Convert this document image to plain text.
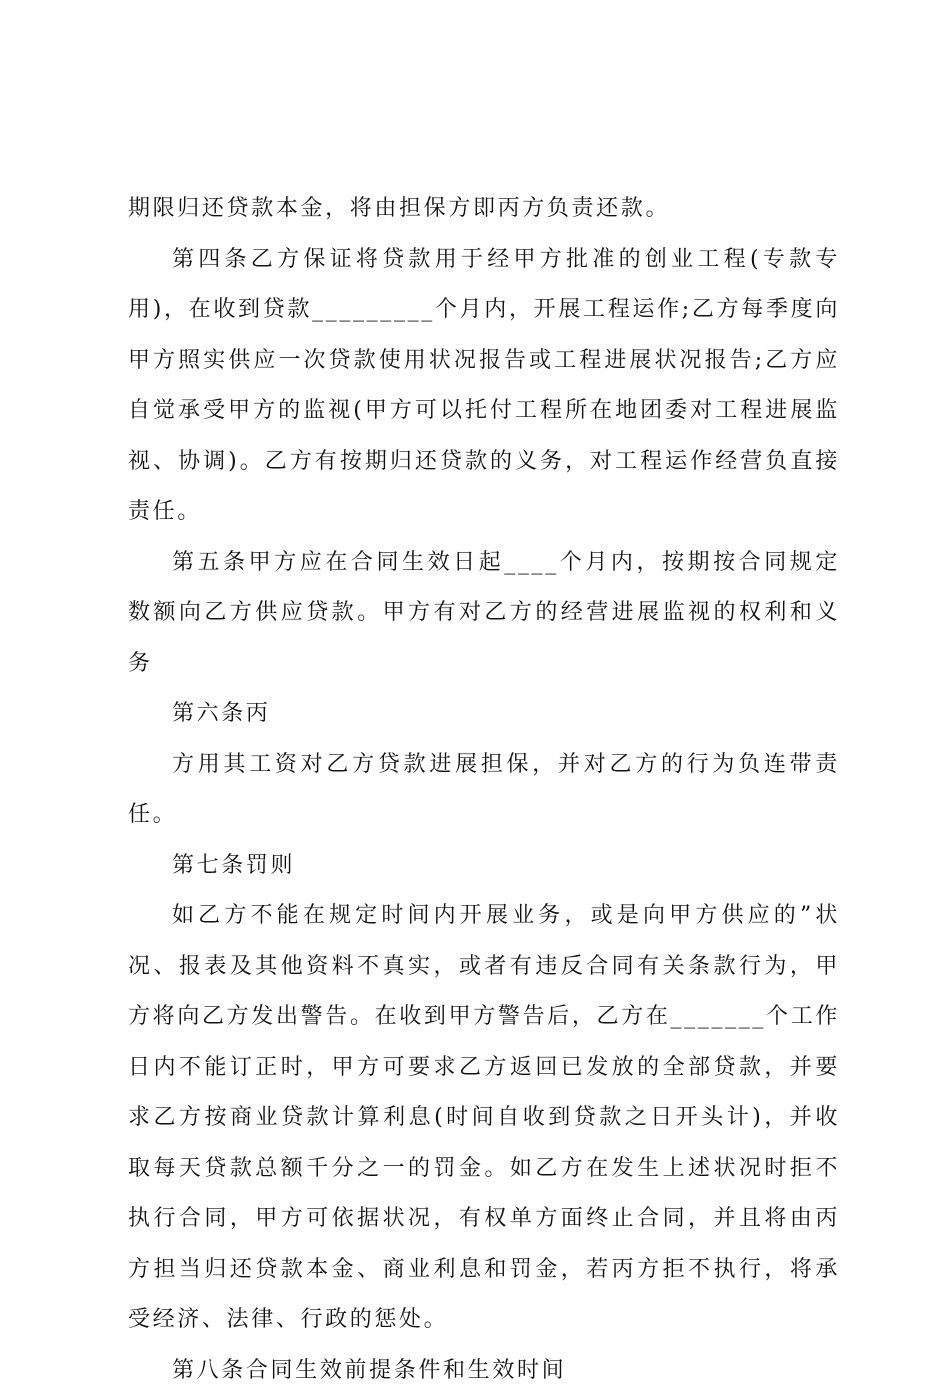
期限归还贷款本金，将由担保方即丙方负责还款。

第四条乙方保证将贷款用于经甲方批准的创业工程(专款专用)，在收到贷款_________个月内，开展工程运作;乙方每季度向甲方照实供应一次贷款使用状况报告或工程进展状况报告;乙方应自觉承受甲方的监视(甲方可以托付工程所在地团委对工程进展监视、协调)。乙方有按期归还贷款的义务，对工程运作经营负直接责任。

第五条甲方应在合同生效日起____个月内，按期按合同规定数额向乙方供应贷款。甲方有对乙方的经营进展监视的权利和义务

第六条丙

方用其工资对乙方贷款进展担保，并对乙方的行为负连带责任。

第七条罚则

如乙方不能在规定时间内开展业务，或是向甲方供应的”状况、报表及其他资料不真实，或者有违反合同有关条款行为，甲方将向乙方发出警告。在收到甲方警告后，乙方在_______个工作日内不能订正时，甲方可要求乙方返回已发放的全部贷款，并要求乙方按商业贷款计算利息(时间自收到贷款之日开头计)，并收取每天贷款总额千分之一的罚金。如乙方在发生上述状况时拒不执行合同，甲方可依据状况，有权单方面终止合同，并且将由丙方担当归还贷款本金、商业利息和罚金，若丙方拒不执行，将承受经济、法律、行政的惩处。

第八条合同生效前提条件和生效时间
